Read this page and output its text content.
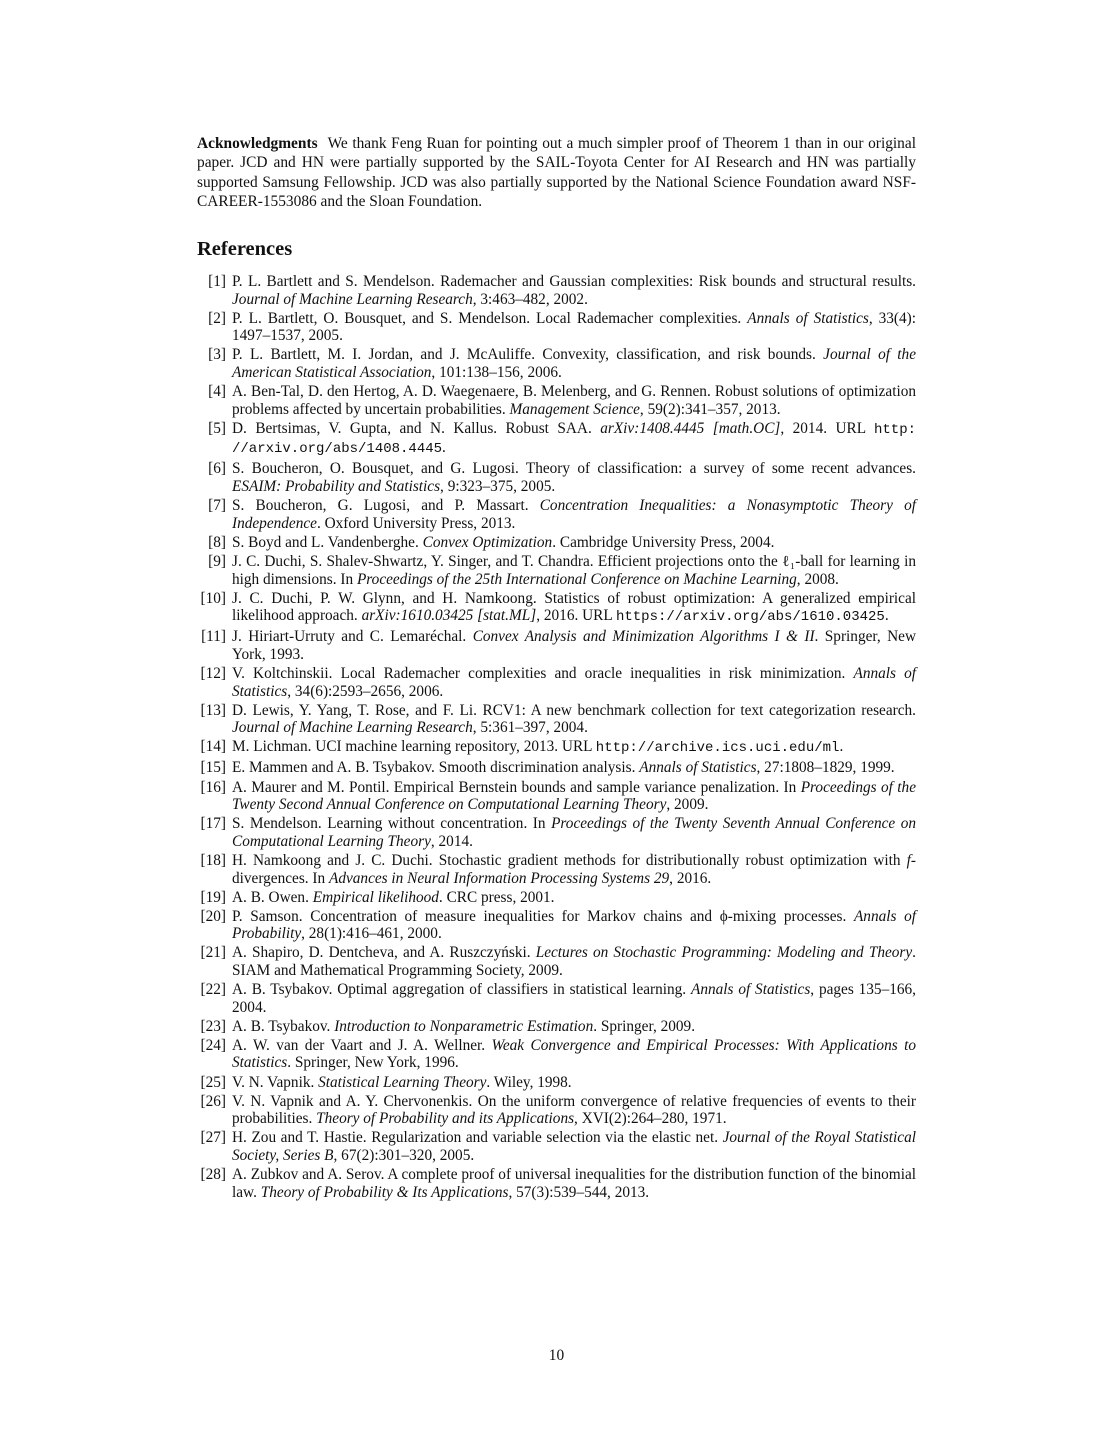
Acknowledgments We thank Feng Ruan for pointing out a much simpler proof of Theorem 1 than in our original paper. JCD and HN were partially supported by the SAIL-Toyota Center for AI Research and HN was partially supported Samsung Fellowship. JCD was also partially supported by the National Science Foundation award NSF-CAREER-1553086 and the Sloan Foundation.
References
[1] P. L. Bartlett and S. Mendelson. Rademacher and Gaussian complexities: Risk bounds and structural results. Journal of Machine Learning Research, 3:463–482, 2002.
[2] P. L. Bartlett, O. Bousquet, and S. Mendelson. Local Rademacher complexities. Annals of Statistics, 33(4): 1497–1537, 2005.
[3] P. L. Bartlett, M. I. Jordan, and J. McAuliffe. Convexity, classification, and risk bounds. Journal of the American Statistical Association, 101:138–156, 2006.
[4] A. Ben-Tal, D. den Hertog, A. D. Waegenaere, B. Melenberg, and G. Rennen. Robust solutions of optimization problems affected by uncertain probabilities. Management Science, 59(2):341–357, 2013.
[5] D. Bertsimas, V. Gupta, and N. Kallus. Robust SAA. arXiv:1408.4445 [math.OC], 2014. URL http: //arxiv.org/abs/1408.4445.
[6] S. Boucheron, O. Bousquet, and G. Lugosi. Theory of classification: a survey of some recent advances. ESAIM: Probability and Statistics, 9:323–375, 2005.
[7] S. Boucheron, G. Lugosi, and P. Massart. Concentration Inequalities: a Nonasymptotic Theory of Independence. Oxford University Press, 2013.
[8] S. Boyd and L. Vandenberghe. Convex Optimization. Cambridge University Press, 2004.
[9] J. C. Duchi, S. Shalev-Shwartz, Y. Singer, and T. Chandra. Efficient projections onto the ℓ₁-ball for learning in high dimensions. In Proceedings of the 25th International Conference on Machine Learning, 2008.
[10] J. C. Duchi, P. W. Glynn, and H. Namkoong. Statistics of robust optimization: A generalized empirical likelihood approach. arXiv:1610.03425 [stat.ML], 2016. URL https://arxiv.org/abs/1610.03425.
[11] J. Hiriart-Urruty and C. Lemaréchal. Convex Analysis and Minimization Algorithms I & II. Springer, New York, 1993.
[12] V. Koltchinskii. Local Rademacher complexities and oracle inequalities in risk minimization. Annals of Statistics, 34(6):2593–2656, 2006.
[13] D. Lewis, Y. Yang, T. Rose, and F. Li. RCV1: A new benchmark collection for text categorization research. Journal of Machine Learning Research, 5:361–397, 2004.
[14] M. Lichman. UCI machine learning repository, 2013. URL http://archive.ics.uci.edu/ml.
[15] E. Mammen and A. B. Tsybakov. Smooth discrimination analysis. Annals of Statistics, 27:1808–1829, 1999.
[16] A. Maurer and M. Pontil. Empirical Bernstein bounds and sample variance penalization. In Proceedings of the Twenty Second Annual Conference on Computational Learning Theory, 2009.
[17] S. Mendelson. Learning without concentration. In Proceedings of the Twenty Seventh Annual Conference on Computational Learning Theory, 2014.
[18] H. Namkoong and J. C. Duchi. Stochastic gradient methods for distributionally robust optimization with f-divergences. In Advances in Neural Information Processing Systems 29, 2016.
[19] A. B. Owen. Empirical likelihood. CRC press, 2001.
[20] P. Samson. Concentration of measure inequalities for Markov chains and ϕ-mixing processes. Annals of Probability, 28(1):416–461, 2000.
[21] A. Shapiro, D. Dentcheva, and A. Ruszczyński. Lectures on Stochastic Programming: Modeling and Theory. SIAM and Mathematical Programming Society, 2009.
[22] A. B. Tsybakov. Optimal aggregation of classifiers in statistical learning. Annals of Statistics, pages 135–166, 2004.
[23] A. B. Tsybakov. Introduction to Nonparametric Estimation. Springer, 2009.
[24] A. W. van der Vaart and J. A. Wellner. Weak Convergence and Empirical Processes: With Applications to Statistics. Springer, New York, 1996.
[25] V. N. Vapnik. Statistical Learning Theory. Wiley, 1998.
[26] V. N. Vapnik and A. Y. Chervonenkis. On the uniform convergence of relative frequencies of events to their probabilities. Theory of Probability and its Applications, XVI(2):264–280, 1971.
[27] H. Zou and T. Hastie. Regularization and variable selection via the elastic net. Journal of the Royal Statistical Society, Series B, 67(2):301–320, 2005.
[28] A. Zubkov and A. Serov. A complete proof of universal inequalities for the distribution function of the binomial law. Theory of Probability & Its Applications, 57(3):539–544, 2013.
10
